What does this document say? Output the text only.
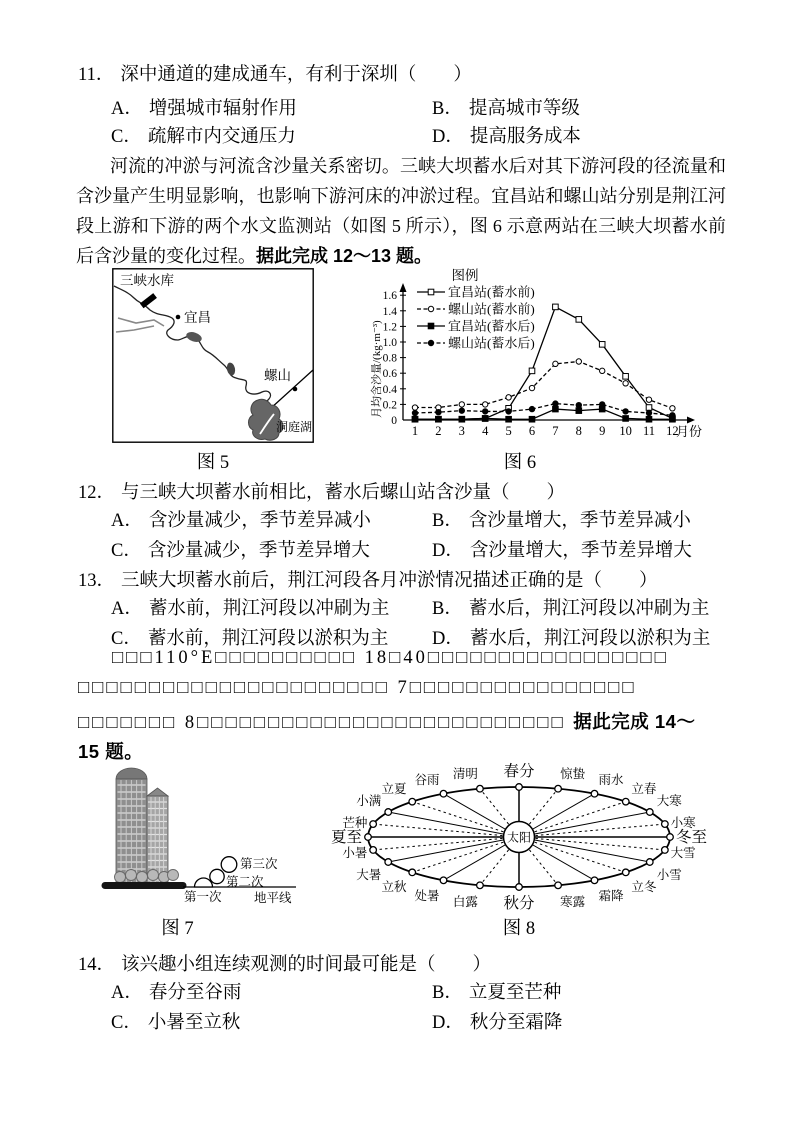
11． 深中通道的建成通车，有利于深圳（　　）
A． 增强城市辐射作用	B． 提高城市等级
C． 疏解市内交通压力	D． 提高服务成本
河流的冲淤与河流含沙量关系密切。三峡大坝蓄水后对其下游河段的径流量和含沙量产生明显影响，也影响下游河床的冲淤过程。宜昌站和螺山站分别是荆江河段上游和下游的两个水文监测站（如图 5 所示），图 6 示意两站在三峡大坝蓄水前后含沙量的变化过程。据此完成 12～13 题。
三峡水库
宜昌
螺山
洞庭湖
图 5
0
0.2
0.4
0.6
0.8
1.0
1.2
1.4
1.6
1 2 3 4 5 6 7 8 9 10 11 12
月份
月均含沙量/(kg·m⁻³)
图例
宜昌站(蓄水前)
螺山站(蓄水前)
宜昌站(蓄水后)
螺山站(蓄水后)
图 6
12． 与三峡大坝蓄水前相比，蓄水后螺山站含沙量（　　）
A． 含沙量减少，季节差异减小	B． 含沙量增大，季节差异减小
C． 含沙量减少，季节差异增大	D． 含沙量增大，季节差异增大
13． 三峡大坝蓄水前后，荆江河段各月冲淤情况描述正确的是（　　）
A． 蓄水前，荆江河段以冲刷为主 B． 蓄水后，荆江河段以冲刷为主
C． 蓄水前，荆江河段以淤积为主 D． 蓄水后，荆江河段以淤积为主
□□□110°E□□□□□□□□□□ 18□40□□□□□□□□□□□□□□□□□
□□□□□□□□□□□□□□□□□□□□□□ 7□□□□□□□□□□□□□□□□
□□□□□□□ 8□□□□□□□□□□□□□□□□□□□□□□□□□□ 据此完成 14～
15 题。
第一次
第二次
第三次
地平线
图 7
太阳
春分 惊蛰 雨水
立春
大寒
小寒
冬至
大雪
小雪
立冬
霜降
寒露
秋分
白露
处暑
立秋
大暑
小暑
夏至
芒种
小满
立夏
谷雨 清明
图 8
14． 该兴趣小组连续观测的时间最可能是（　　）
A． 春分至谷雨	B． 立夏至芒种
C． 小暑至立秋	D． 秋分至霜降
